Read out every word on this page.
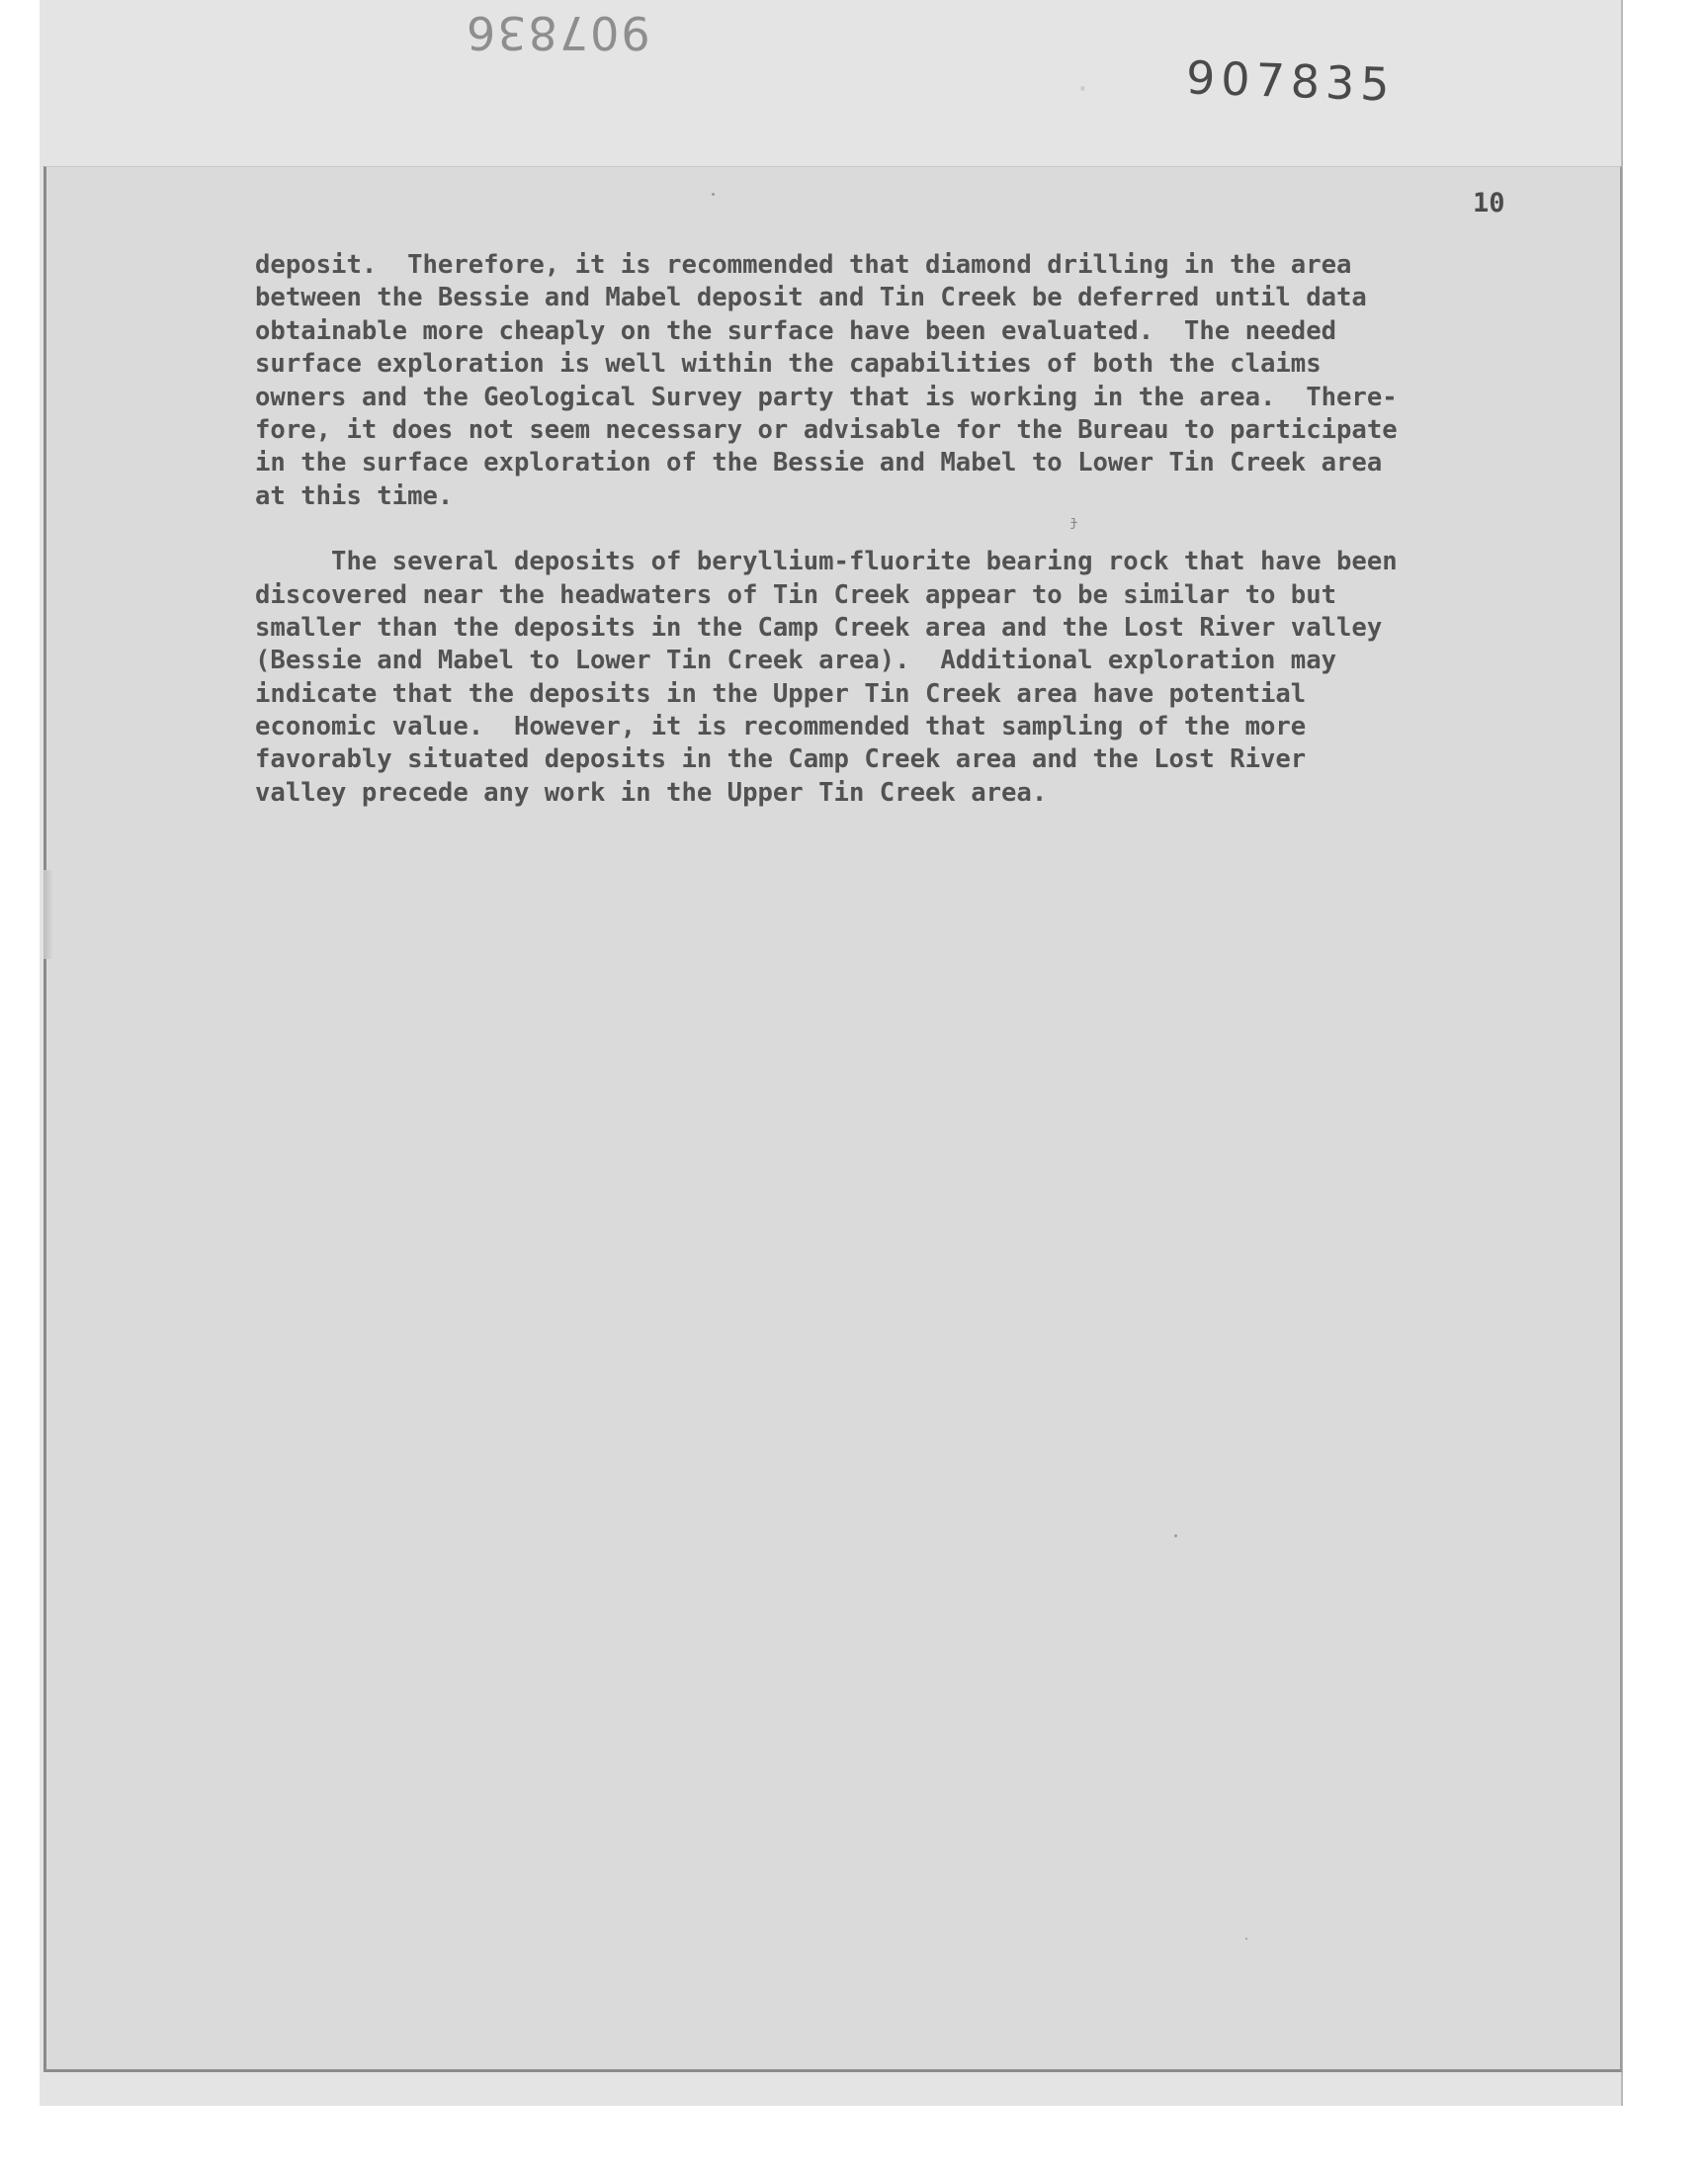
907836
· 907835
10
deposit.  Therefore, it is recommended that diamond drilling in the area
between the Bessie and Mabel deposit and Tin Creek be deferred until data
obtainable more cheaply on the surface have been evaluated.  The needed
surface exploration is well within the capabilities of both the claims
owners and the Geological Survey party that is working in the area.  There-
fore, it does not seem necessary or advisable for the Bureau to participate
in the surface exploration of the Bessie and Mabel to Lower Tin Creek area
at this time.
The several deposits of beryllium-fluorite bearing rock that have been
discovered near the headwaters of Tin Creek appear to be similar to but
smaller than the deposits in the Camp Creek area and the Lost River valley
(Bessie and Mabel to Lower Tin Creek area).  Additional exploration may
indicate that the deposits in the Upper Tin Creek area have potential
economic value.  However, it is recommended that sampling of the more
favorably situated deposits in the Camp Creek area and the Lost River
valley precede any work in the Upper Tin Creek area.
ɟ
